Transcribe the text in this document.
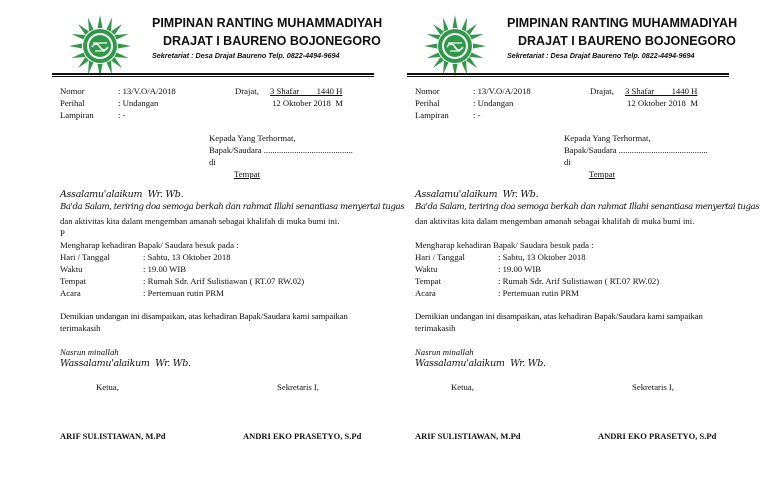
PIMPINAN RANTING MUHAMMADIYAH
DRAJAT I BAURENO BOJONEGORO
Sekretariat : Desa Drajat Baureno Telp. 0822-4494-9694
Nomor	: 13/V.O/A/2018
Perihal	: Undangan
Lampiran	: -
Drajat, 3 Shafar        1440 H
12 Oktober 2018  M
Kepada Yang Terhormat,
Bapak/Saudara .........................................
di
Tempat
Assalamu'alaikum  Wr. Wb.
Ba'da Salam, teriring doa semoga berkah dan rahmat Illahi senantiasa menyertai tugas
dan aktivitas kita dalam mengemban amanah sebagai khalifah di muka bumi ini.
P
Mengharap kehadiran Bapak/ Saudara besuk pada :
Hari / Tanggal	: Sabtu, 13 Oktober 2018
Waktu	: 19.00 WIB
Tempat	: Rumah Sdr. Arif Sulistiawan ( RT.07 RW.02)
Acara	: Pertemuan rutin PRM
Demikian undangan ini disampaikan, atas kehadiran Bapak/Saudara kami sampaikan
terimakasih
Nasrun minallah
Wassalamu'alaikum  Wr. Wb.
Ketua,	Sekretaris I,
ARIF SULISTIAWAN, M.Pd	ANDRI EKO PRASETYO, S.Pd
PIMPINAN RANTING MUHAMMADIYAH
DRAJAT I BAURENO BOJONEGORO
Sekretariat : Desa Drajat Baureno Telp. 0822-4494-9694
Nomor	: 13/V.O/A/2018
Perihal	: Undangan
Lampiran	: -
Drajat, 3 Shafar        1440 H
12 Oktober 2018  M
Kepada Yang Terhormat,
Bapak/Saudara .........................................
di
Tempat
Assalamu'alaikum  Wr. Wb.
Ba'da Salam, teriring doa semoga berkah dan rahmat Illahi senantiasa menyertai tugas
dan aktivitas kita dalam mengemban amanah sebagai khalifah di muka bumi ini.
Mengharap kehadiran Bapak/ Saudara besuk pada :
Hari / Tanggal	: Sabtu, 13 Oktober 2018
Waktu	: 19.00 WIB
Tempat	: Rumah Sdr. Arif Sulistiawan ( RT.07 RW.02)
Acara	: Pertemuan rutin PRM
Demikian undangan ini disampaikan, atas kehadiran Bapak/Saudara kami sampaikan
terimakasih
Nasrun minallah
Wassalamu'alaikum  Wr. Wb.
Ketua,	Sekretaris I,
ARIF SULISTIAWAN, M.Pd	ANDRI EKO PRASETYO, S.Pd
